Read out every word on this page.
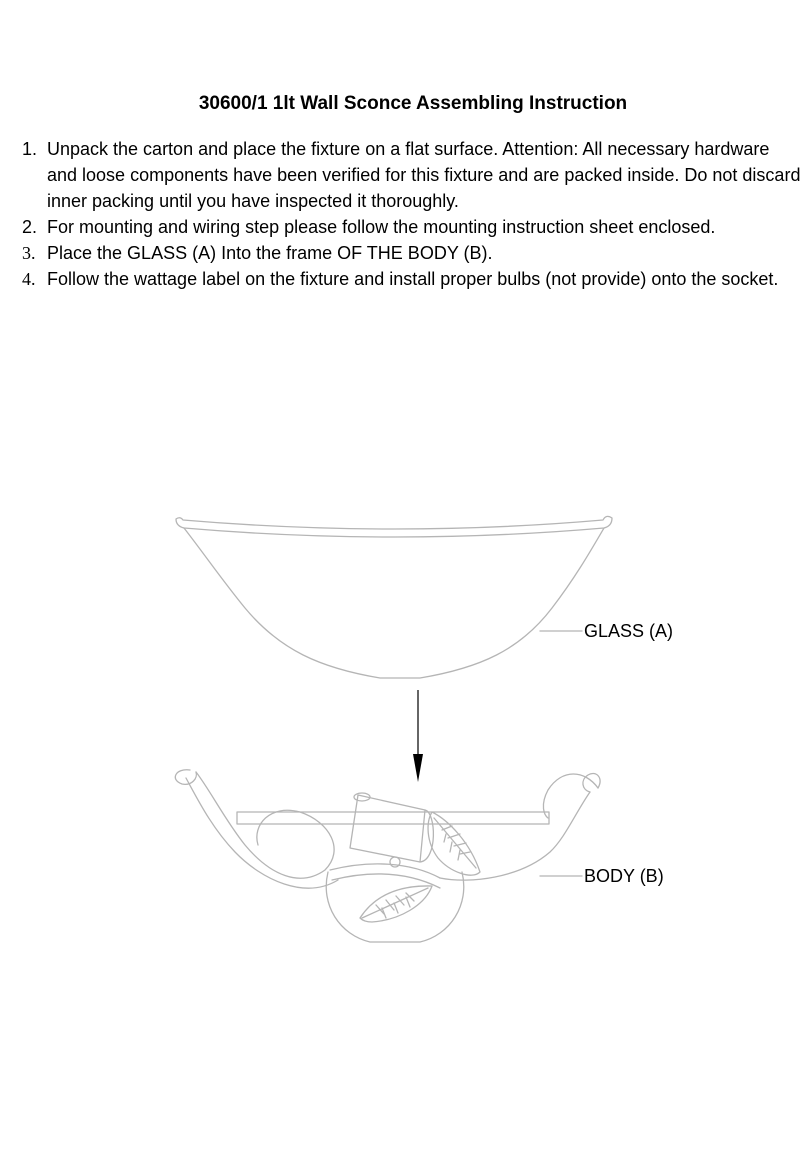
30600/1 1lt Wall Sconce Assembling Instruction
1. Unpack the carton and place the fixture on a flat surface. Attention: All necessary hardware and loose components have been verified for this fixture and are packed inside. Do not discard inner packing until you have inspected it thoroughly.
2. For mounting and wiring step please follow the mounting instruction sheet enclosed.
3. Place the GLASS (A) Into the frame OF THE BODY (B).
4. Follow the wattage label on the fixture and install proper bulbs (not provide) onto the socket.
GLASS (A)
BODY (B)
